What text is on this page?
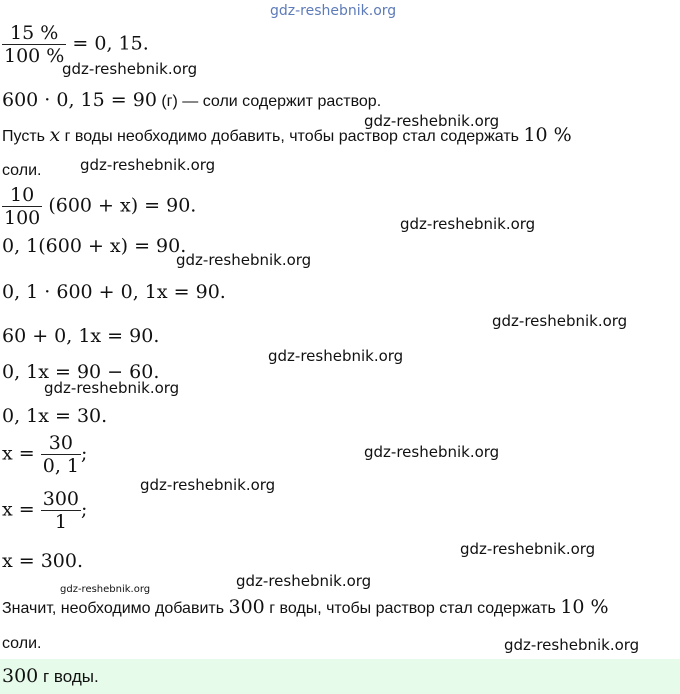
gdz-reshebnik.org
$\frac{15 \%}{100 \%} = 0$, 15.
gdz-reshebnik.org
600 · 0, 15 = 90 (г) — соли содержит раствор.
gdz-reshebnik.org
Пусть x г воды необходимо добавить, чтобы раствор стал содержать 10 %
соли.	gdz-reshebnik.org
$\frac{10}{100} (600 + x) = 90$.
gdz-reshebnik.org
0, 1(600 + x) = 90.
gdz-reshebnik.org
0, 1 · 600 + 0, 1x = 90.
gdz-reshebnik.org
60 + 0, 1x = 90.
gdz-reshebnik.org
0, 1x = 90 − 60.
gdz-reshebnik.org
0, 1x = 30.
gdz-reshebnik.org
$x = \frac{30}{0, 1}$ ;
gdz-reshebnik.org
$x = \frac{300}{1}$ ;
x = 300.
gdz-reshebnik.org
gdz-reshebnik.org	gdz-reshebnik.org
Значит, необходимо добавить 300 г воды, чтобы раствор стал содержать 10 %
соли.	gdz-reshebnik.org
300 г воды.
